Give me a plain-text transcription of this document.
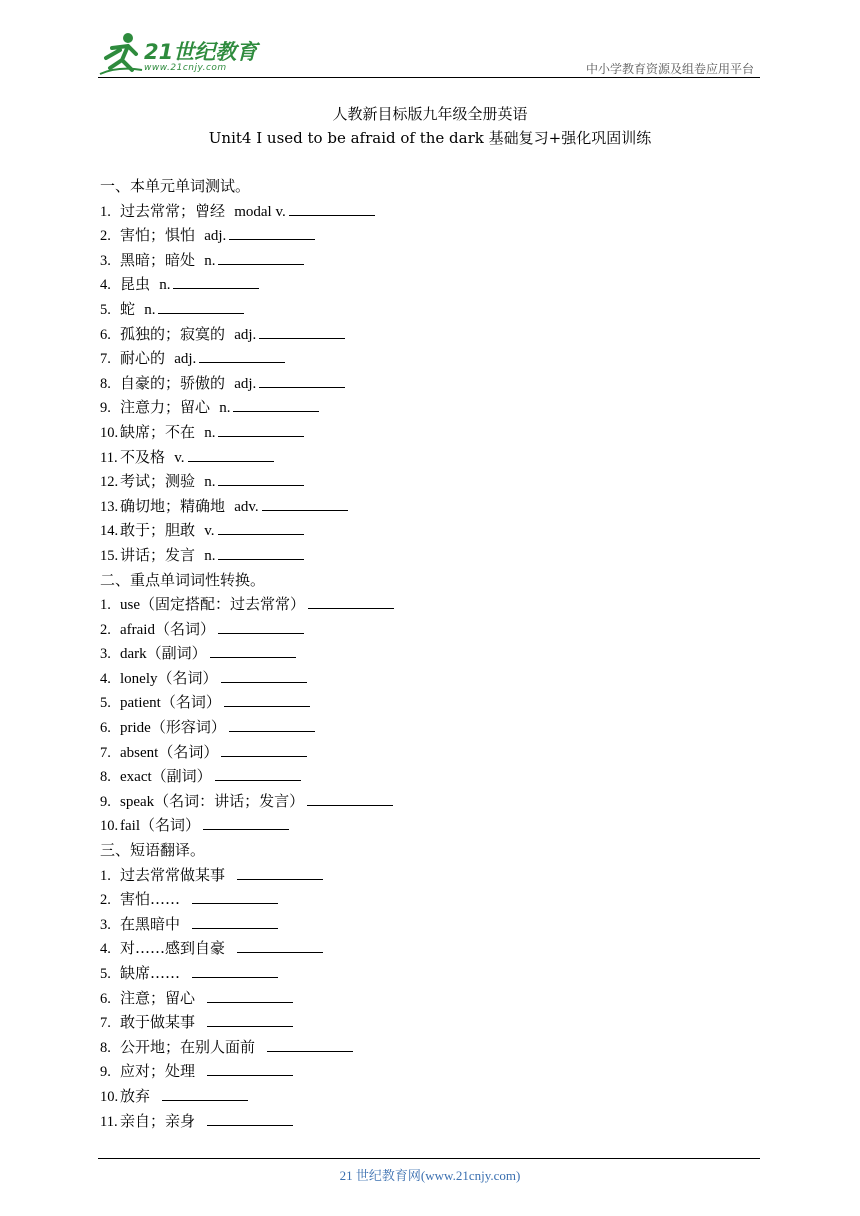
21世纪教育
www.21cnjy.com	中小学教育资源及组卷应用平台
人教新目标版九年级全册英语
Unit4 I used to be afraid of the dark 基础复习+强化巩固训练
一、本单元单词测试。
1. 过去常常；曾经 modal v.
2. 害怕；惧怕 adj.
3. 黑暗；暗处 n.
4. 昆虫 n.
5. 蛇 n.
6. 孤独的；寂寞的 adj.
7. 耐心的 adj.
8. 自豪的；骄傲的 adj.
9. 注意力；留心 n.
10. 缺席；不在 n.
11. 不及格 v.
12. 考试；测验 n.
13. 确切地；精确地 adv.
14. 敢于；胆敢 v.
15. 讲话；发言 n.
二、重点单词词性转换。
1. use（固定搭配：过去常常）
2. afraid（名词）
3. dark（副词）
4. lonely（名词）
5. patient（名词）
6. pride（形容词）
7. absent（名词）
8. exact（副词）
9. speak（名词：讲话；发言）
10. fail（名词）
三、短语翻译。
1. 过去常常做某事
2. 害怕……
3. 在黑暗中
4. 对……感到自豪
5. 缺席……
6. 注意；留心
7. 敢于做某事
8. 公开地；在别人面前
9. 应对；处理
10. 放弃
11. 亲自；亲身
21 世纪教育网(www.21cnjy.com)
